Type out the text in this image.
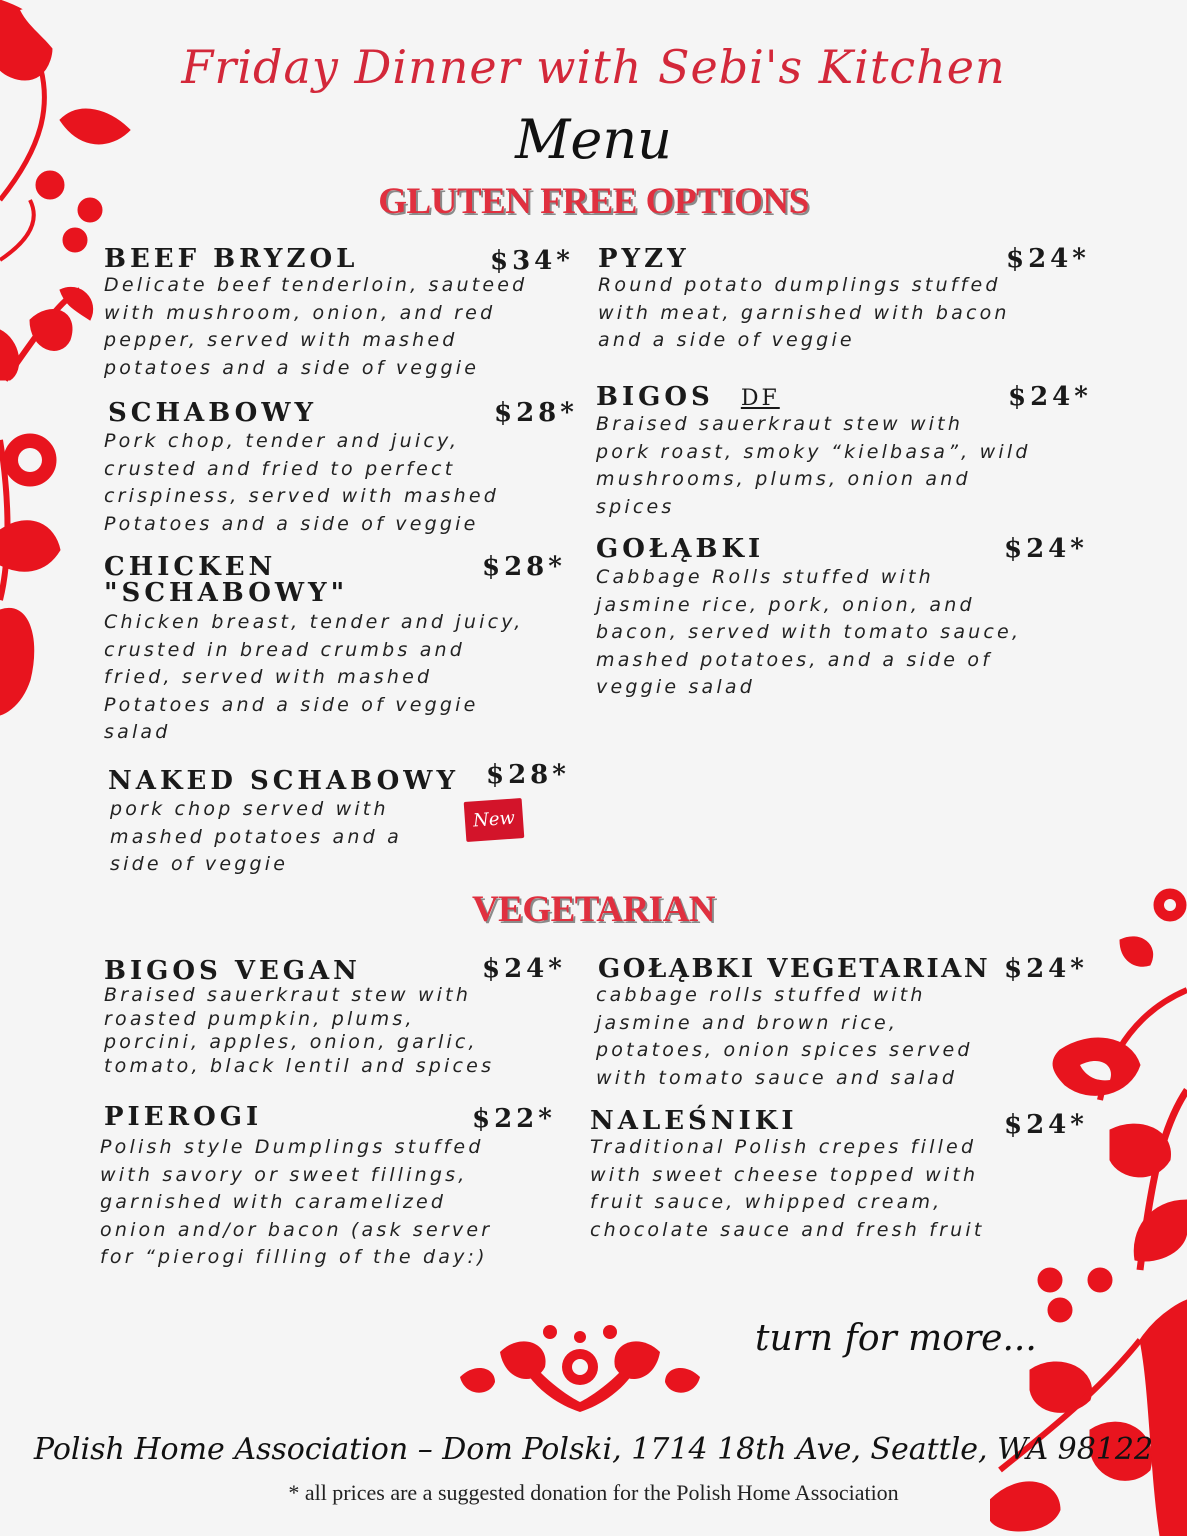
Friday Dinner with Sebi's Kitchen
Menu
GLUTEN FREE OPTIONS
BEEF BRYZOL	$34*
Delicate beef tenderloin, sauteed
with mushroom, onion, and red
pepper, served with mashed
potatoes and a side of veggie
SCHABOWY	$28*
Pork chop, tender and juicy,
crusted and fried to perfect
crispiness, served with mashed
Potatoes and a side of veggie
CHICKEN
"SCHABOWY"
$28*
Chicken breast, tender and juicy,
crusted in bread crumbs and
fried, served with mashed
Potatoes and a side of veggie
salad
NAKED SCHABOWY $28*
New
pork chop served with
mashed potatoes and a
side of veggie
PYZY	$24*
Round potato dumplings stuffed
with meat, garnished with bacon
and a side of veggie
BIGOS DF	$24*
Braised sauerkraut stew with
pork roast, smoky “kielbasa”, wild
mushrooms, plums, onion and
spices
GOŁĄBKI	$24*
Cabbage Rolls stuffed with
jasmine rice, pork, onion, and
bacon, served with tomato sauce,
mashed potatoes, and a side of
veggie salad
VEGETARIAN
BIGOS VEGAN	$24*
Braised sauerkraut stew with
roasted pumpkin, plums,
porcini, apples, onion, garlic,
tomato, black lentil and spices
PIEROGI	$22*
Polish style Dumplings stuffed
with savory or sweet fillings,
garnished with caramelized
onion and/or bacon (ask server
for “pierogi filling of the day:)
GOŁĄBKI VEGETARIAN $24*
cabbage rolls stuffed with
jasmine and brown rice,
potatoes, onion spices served
with tomato sauce and salad
NALEŚNIKI	$24*
Traditional Polish crepes filled
with sweet cheese topped with
fruit sauce, whipped cream,
chocolate sauce and fresh fruit
turn for more...
Polish Home Association – Dom Polski, 1714 18th Ave, Seattle, WA 98122
* all prices are a suggested donation for the Polish Home Association
